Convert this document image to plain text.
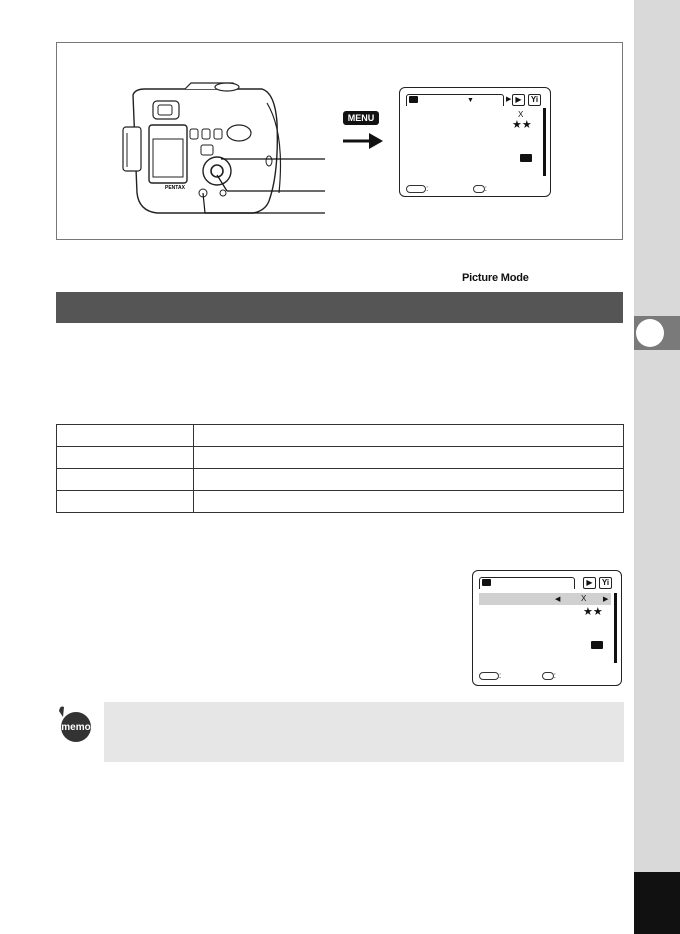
PENTAX
MENU
▼	▶ ▶	Yi
X
★★
:	:
Picture Mode

▶	Yi
◀	X ▶
★★
:	:
memo
